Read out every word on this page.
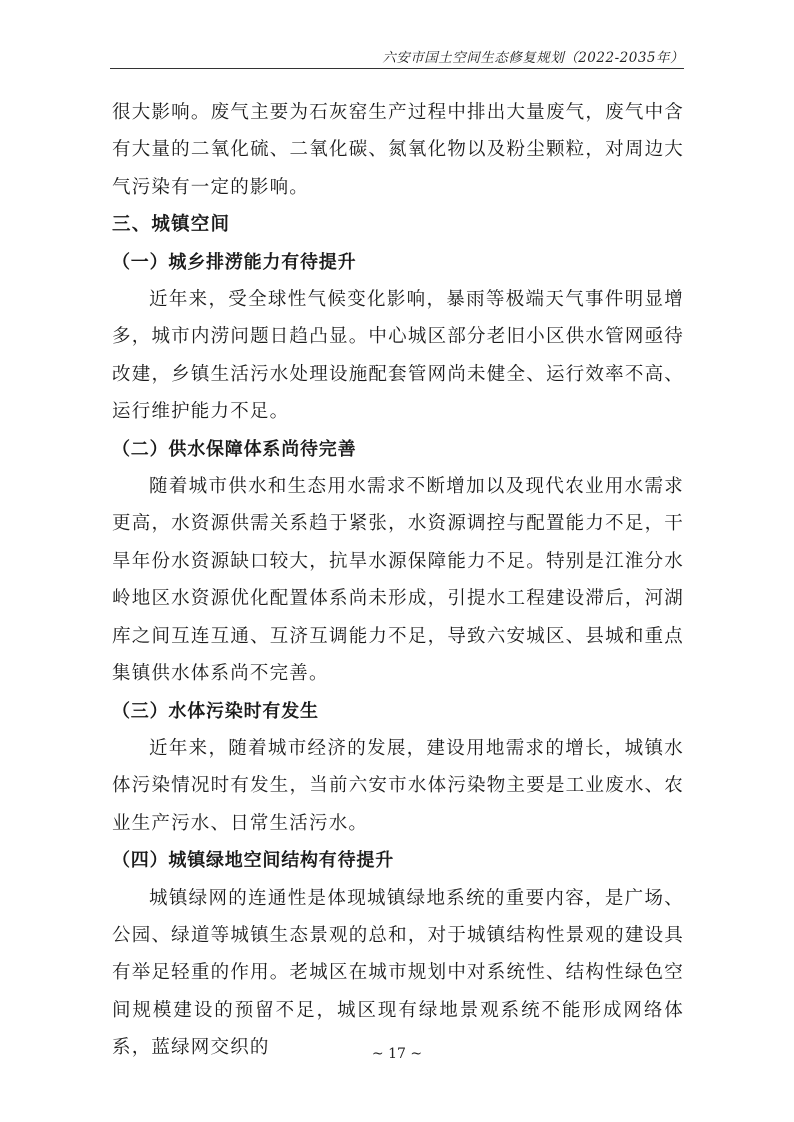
六安市国土空间生态修复规划（2022-2035年）

很大影响。废气主要为石灰窑生产过程中排出大量废气，废气中含有大量的二氧化硫、二氧化碳、氮氧化物以及粉尘颗粒，对周边大气污染有一定的影响。

三、城镇空间
（一）城乡排涝能力有待提升

近年来，受全球性气候变化影响，暴雨等极端天气事件明显增多，城市内涝问题日趋凸显。中心城区部分老旧小区供水管网亟待改建，乡镇生活污水处理设施配套管网尚未健全、运行效率不高、运行维护能力不足。

（二）供水保障体系尚待完善

随着城市供水和生态用水需求不断增加以及现代农业用水需求更高，水资源供需关系趋于紧张，水资源调控与配置能力不足，干旱年份水资源缺口较大，抗旱水源保障能力不足。特别是江淮分水岭地区水资源优化配置体系尚未形成，引提水工程建设滞后，河湖库之间互连互通、互济互调能力不足，导致六安城区、县城和重点集镇供水体系尚不完善。

（三）水体污染时有发生

近年来，随着城市经济的发展，建设用地需求的增长，城镇水体污染情况时有发生，当前六安市水体污染物主要是工业废水、农业生产污水、日常生活污水。

（四）城镇绿地空间结构有待提升

城镇绿网的连通性是体现城镇绿地系统的重要内容，是广场、公园、绿道等城镇生态景观的总和，对于城镇结构性景观的建设具有举足轻重的作用。老城区在城市规划中对系统性、结构性绿色空间规模建设的预留不足，城区现有绿地景观系统不能形成网络体系，蓝绿网交织的	~ 17 ~
